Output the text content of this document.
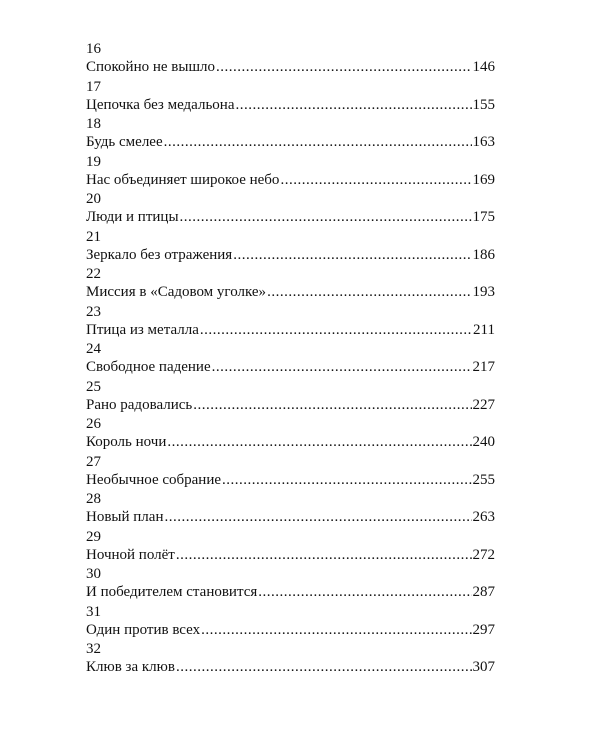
16
Спокойно не вышло .....	146
17
Цепочка без медальона .....	155
18
Будь смелее .....	163
19
Нас объединяет широкое небо .....	169
20
Люди и птицы .....	175
21
Зеркало без отражения .....	186
22
Миссия в «Садовом уголке» .....	193
23
Птица из металла .....	211
24
Свободное падение .....	217
25
Рано радовались .....	227
26
Король ночи .....	240
27
Необычное собрание .....	255
28
Новый план .....	263
29
Ночной полёт .....	272
30
И победителем становится .....	287
31
Один против всех .....	297
32
Клюв за клюв .....	307
